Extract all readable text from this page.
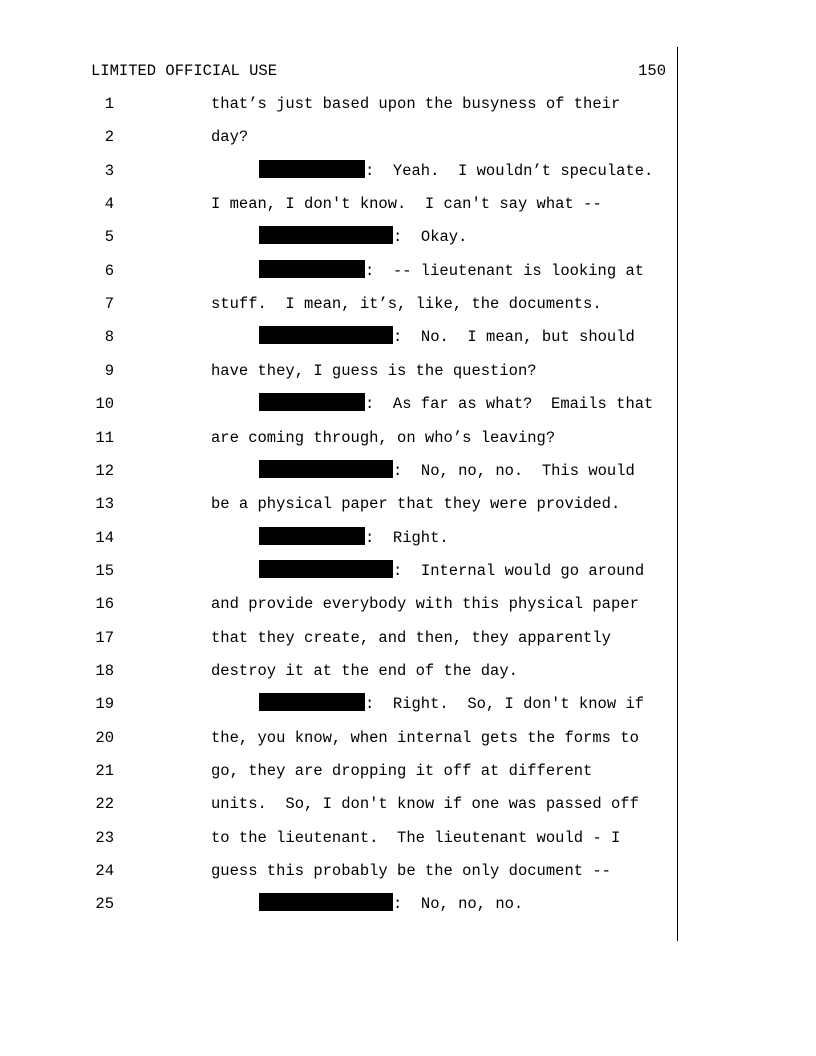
LIMITED OFFICIAL USE	150
1	that’s just based upon the busyness of their
2	day?
3	:  Yeah.  I wouldn’t speculate.
4	I mean, I don't know.  I can't say what --
5	:  Okay.
6	:  -- lieutenant is looking at
7	stuff.  I mean, it’s, like, the documents.
8	:  No.  I mean, but should
9	have they, I guess is the question?
10	:  As far as what?  Emails that
11	are coming through, on who’s leaving?
12	:  No, no, no.  This would
13	be a physical paper that they were provided.
14	:  Right.
15	:  Internal would go around
16	and provide everybody with this physical paper
17	that they create, and then, they apparently
18	destroy it at the end of the day.
19	:  Right.  So, I don't know if
20	the, you know, when internal gets the forms to
21	go, they are dropping it off at different
22	units.  So, I don't know if one was passed off
23	to the lieutenant.  The lieutenant would - I
24	guess this probably be the only document --
25	:  No, no, no.
